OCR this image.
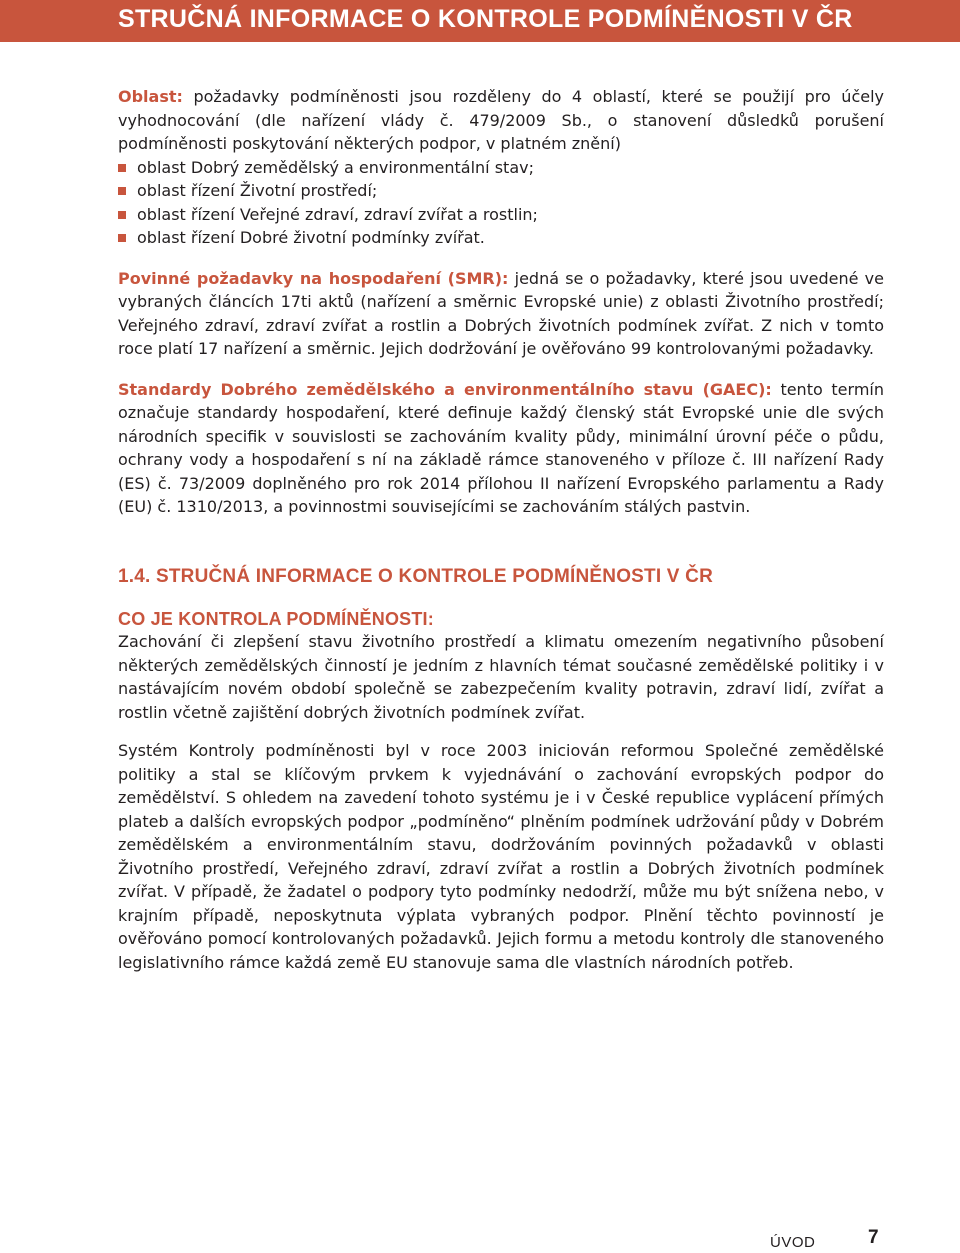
STRUČNÁ INFORMACE O KONTROLE PODMÍNĚNOSTI V ČR

Oblast: požadavky podmíněnosti jsou rozděleny do 4 oblastí, které se použijí pro účely vyhodnocování (dle nařízení vlády č. 479/2009 Sb., o stanovení důsledků porušení podmíněnosti poskytování některých podpor, v platném znění)

oblast Dobrý zemědělský a environmentální stav;
oblast řízení Životní prostředí;
oblast řízení Veřejné zdraví, zdraví zvířat a rostlin;
oblast řízení Dobré životní podmínky zvířat.

Povinné požadavky na hospodaření (SMR): jedná se o požadavky, které jsou uvedené ve vybraných článcích 17ti aktů (nařízení a směrnic Evropské unie) z oblasti Životního prostředí; Veřejného zdraví, zdraví zvířat a rostlin a Dobrých životních podmínek zvířat. Z nich v tomto roce platí 17 nařízení a směrnic. Jejich dodržování je ověřováno 99 kontrolovanými požadavky.

Standardy Dobrého zemědělského a environmentálního stavu (GAEC): tento termín označuje standardy hospodaření, které definuje každý členský stát Evropské unie dle svých národních specifik v souvislosti se zachováním kvality půdy, minimální úrovní péče o půdu, ochrany vody a hospodaření s ní na základě rámce stanoveného v příloze č. III nařízení Rady (ES) č. 73/2009 doplněného pro rok 2014 přílohou II nařízení Evropského parlamentu a Rady (EU) č. 1310/2013, a povinnostmi souvisejícími se zachováním stálých pastvin.

1.4. STRUČNÁ INFORMACE O KONTROLE PODMÍNĚNOSTI V ČR
CO JE KONTROLA PODMÍNĚNOSTI:

Zachování či zlepšení stavu životního prostředí a klimatu omezením negativního působení některých zemědělských činností je jedním z hlavních témat současné zemědělské politiky i v nastávajícím novém období společně se zabezpečením kvality potravin, zdraví lidí, zvířat a rostlin včetně zajištění dobrých životních podmínek zvířat.

Systém Kontroly podmíněnosti byl v roce 2003 iniciován reformou Společné zemědělské politiky a stal se klíčovým prvkem k vyjednávání o zachování evropských podpor do zemědělství. S ohledem na zavedení tohoto systému je i v České republice vyplácení přímých plateb a dalších evropských podpor „podmíněno“ plněním podmínek udržování půdy v Dobrém zemědělském a environmentálním stavu, dodržováním povinných požadavků v oblasti Životního prostředí, Veřejného zdraví, zdraví zvířat a rostlin a Dobrých životních podmínek zvířat. V případě, že žadatel o podpory tyto podmínky nedodrží, může mu být snížena nebo, v krajním případě, neposkytnuta výplata vybraných podpor. Plnění těchto povinností je ověřováno pomocí kontrolovaných požadavků. Jejich formu a metodu kontroly dle stanoveného legislativního rámce každá země EU stanovuje sama dle vlastních národních potřeb.

ÚVOD	7
